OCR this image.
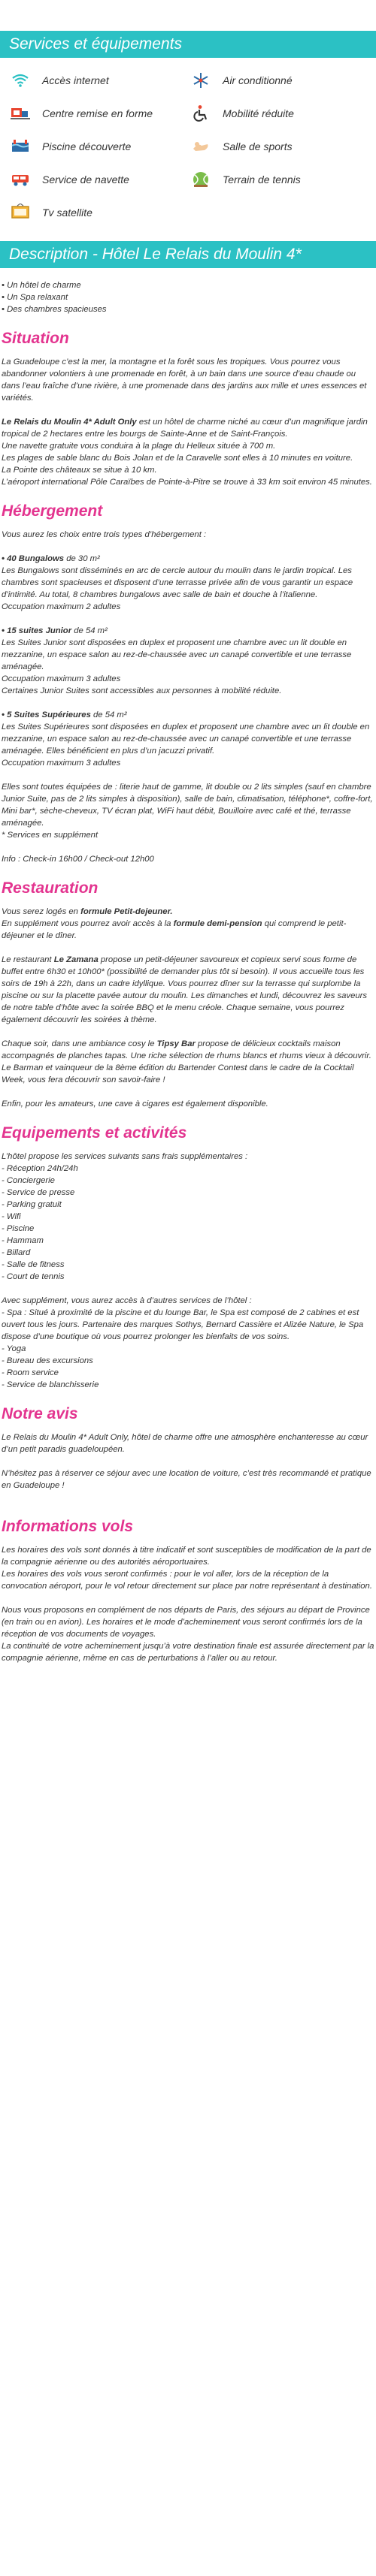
Services et équipements
Accès internet	Air conditionné
Centre remise en forme	Mobilité réduite
Piscine découverte	Salle de sports
Service de navette	Terrain de tennis
Tv satellite
Description - Hôtel Le Relais du Moulin 4*
• Un hôtel de charme
• Un Spa relaxant
• Des chambres spacieuses
Situation

La Guadeloupe c’est la mer, la montagne et la forêt sous les tropiques. Vous pourrez vous abandonner volontiers à une promenade en forêt, à un bain dans une source d’eau chaude ou dans l’eau fraîche d’une rivière, à une promenade dans des jardins aux mille et unes essences et variétés.

Le Relais du Moulin 4* Adult Only est un hôtel de charme niché au cœur d’un magnifique jardin tropical de 2 hectares entre les bourgs de Sainte-Anne et de Saint-François.

Une navette gratuite vous conduira à la plage du Helleux située à 700 m.

Les plages de sable blanc du Bois Jolan et de la Caravelle sont elles à 10 minutes en voiture.

La Pointe des châteaux se situe à 10 km.

L’aéroport international Pôle Caraïbes de Pointe-à-Pitre se trouve à 33 km soit environ 45 minutes.

Hébergement

Vous aurez les choix entre trois types d’hébergement :

• 40 Bungalows de 30 m²

Les Bungalows sont disséminés en arc de cercle autour du moulin dans le jardin tropical. Les chambres sont spacieuses et disposent d’une terrasse privée afin de vous garantir un espace d’intimité. Au total, 8 chambres bungalows avec salle de bain et douche à l’italienne.

Occupation maximum 2 adultes

• 15 suites Junior de 54 m²

Les Suites Junior sont disposées en duplex et proposent une chambre avec un lit double en mezzanine, un espace salon au rez-de-chaussée avec un canapé convertible et une terrasse aménagée.

Occupation maximum 3 adultes

Certaines Junior Suites sont accessibles aux personnes à mobilité réduite.

• 5 Suites Supérieures de 54 m²

Les Suites Supérieures sont disposées en duplex et proposent une chambre avec un lit double en mezzanine, un espace salon au rez-de-chaussée avec un canapé convertible et une terrasse aménagée. Elles bénéficient en plus d’un jacuzzi privatif.

Occupation maximum 3 adultes

Elles sont toutes équipées de : literie haut de gamme, lit double ou 2 lits simples (sauf en chambre Junior Suite, pas de 2 lits simples à disposition), salle de bain, climatisation, téléphone*, coffre-fort, Mini bar*, sèche-cheveux, TV écran plat, WiFi haut débit, Bouilloire avec café et thé, terrasse aménagée.

* Services en supplément

Info : Check-in 16h00 / Check-out 12h00

Restauration

Vous serez logés en formule Petit-dejeuner.

En supplément vous pourrez avoir accès à la formule demi-pension qui comprend le petit-déjeuner et le dîner.

Le restaurant Le Zamana propose un petit-déjeuner savoureux et copieux servi sous forme de buffet entre 6h30 et 10h00* (possibilité de demander plus tôt si besoin). Il vous accueille tous les soirs de 19h à 22h, dans un cadre idyllique. Vous pourrez dîner sur la terrasse qui surplombe la piscine ou sur la placette pavée autour du moulin. Les dimanches et lundi, découvrez les saveurs de notre table d’hôte avec la soirée BBQ et le menu créole. Chaque semaine, vous pourrez également découvrir les soirées à thème.

Chaque soir, dans une ambiance cosy le Tipsy Bar propose de délicieux cocktails maison accompagnés de planches tapas. Une riche sélection de rhums blancs et rhums vieux à découvrir. Le Barman et vainqueur de la 8ème édition du Bartender Contest dans le cadre de la Cocktail Week, vous fera découvrir son savoir-faire !

Enfin, pour les amateurs, une cave à cigares est également disponible.

Equipements et activités

L’hôtel propose les services suivants sans frais supplémentaires :

- Réception 24h/24h

- Conciergerie

- Service de presse

- Parking gratuit

- Wifi

- Piscine

- Hammam

- Billard

- Salle de fitness

- Court de tennis

Avec supplément, vous aurez accès à d’autres services de l’hôtel :

- Spa : Situé à proximité de la piscine et du lounge Bar, le Spa est composé de 2 cabines et est ouvert tous les jours. Partenaire des marques Sothys, Bernard Cassière et Alizée Nature, le Spa dispose d’une boutique où vous pourrez prolonger les bienfaits de vos soins.

- Yoga

- Bureau des excursions

- Room service

- Service de blanchisserie

Notre avis

Le Relais du Moulin 4* Adult Only, hôtel de charme offre une atmosphère enchanteresse au cœur d’un petit paradis guadeloupéen.

N’hésitez pas à réserver ce séjour avec une location de voiture, c’est très recommandé et pratique en Guadeloupe !

Informations vols

Les horaires des vols sont donnés à titre indicatif et sont susceptibles de modification de la part de la compagnie aérienne ou des autorités aéroportuaires.

Les horaires des vols vous seront confirmés : pour le vol aller, lors de la réception de la convocation aéroport, pour le vol retour directement sur place par notre représentant à destination.

Nous vous proposons en complément de nos départs de Paris, des séjours au départ de Province (en train ou en avion). Les horaires et le mode d’acheminement vous seront confirmés lors de la réception de vos documents de voyages.

La continuité de votre acheminement jusqu’à votre destination finale est assurée directement par la compagnie aérienne, même en cas de perturbations à l’aller ou au retour.
